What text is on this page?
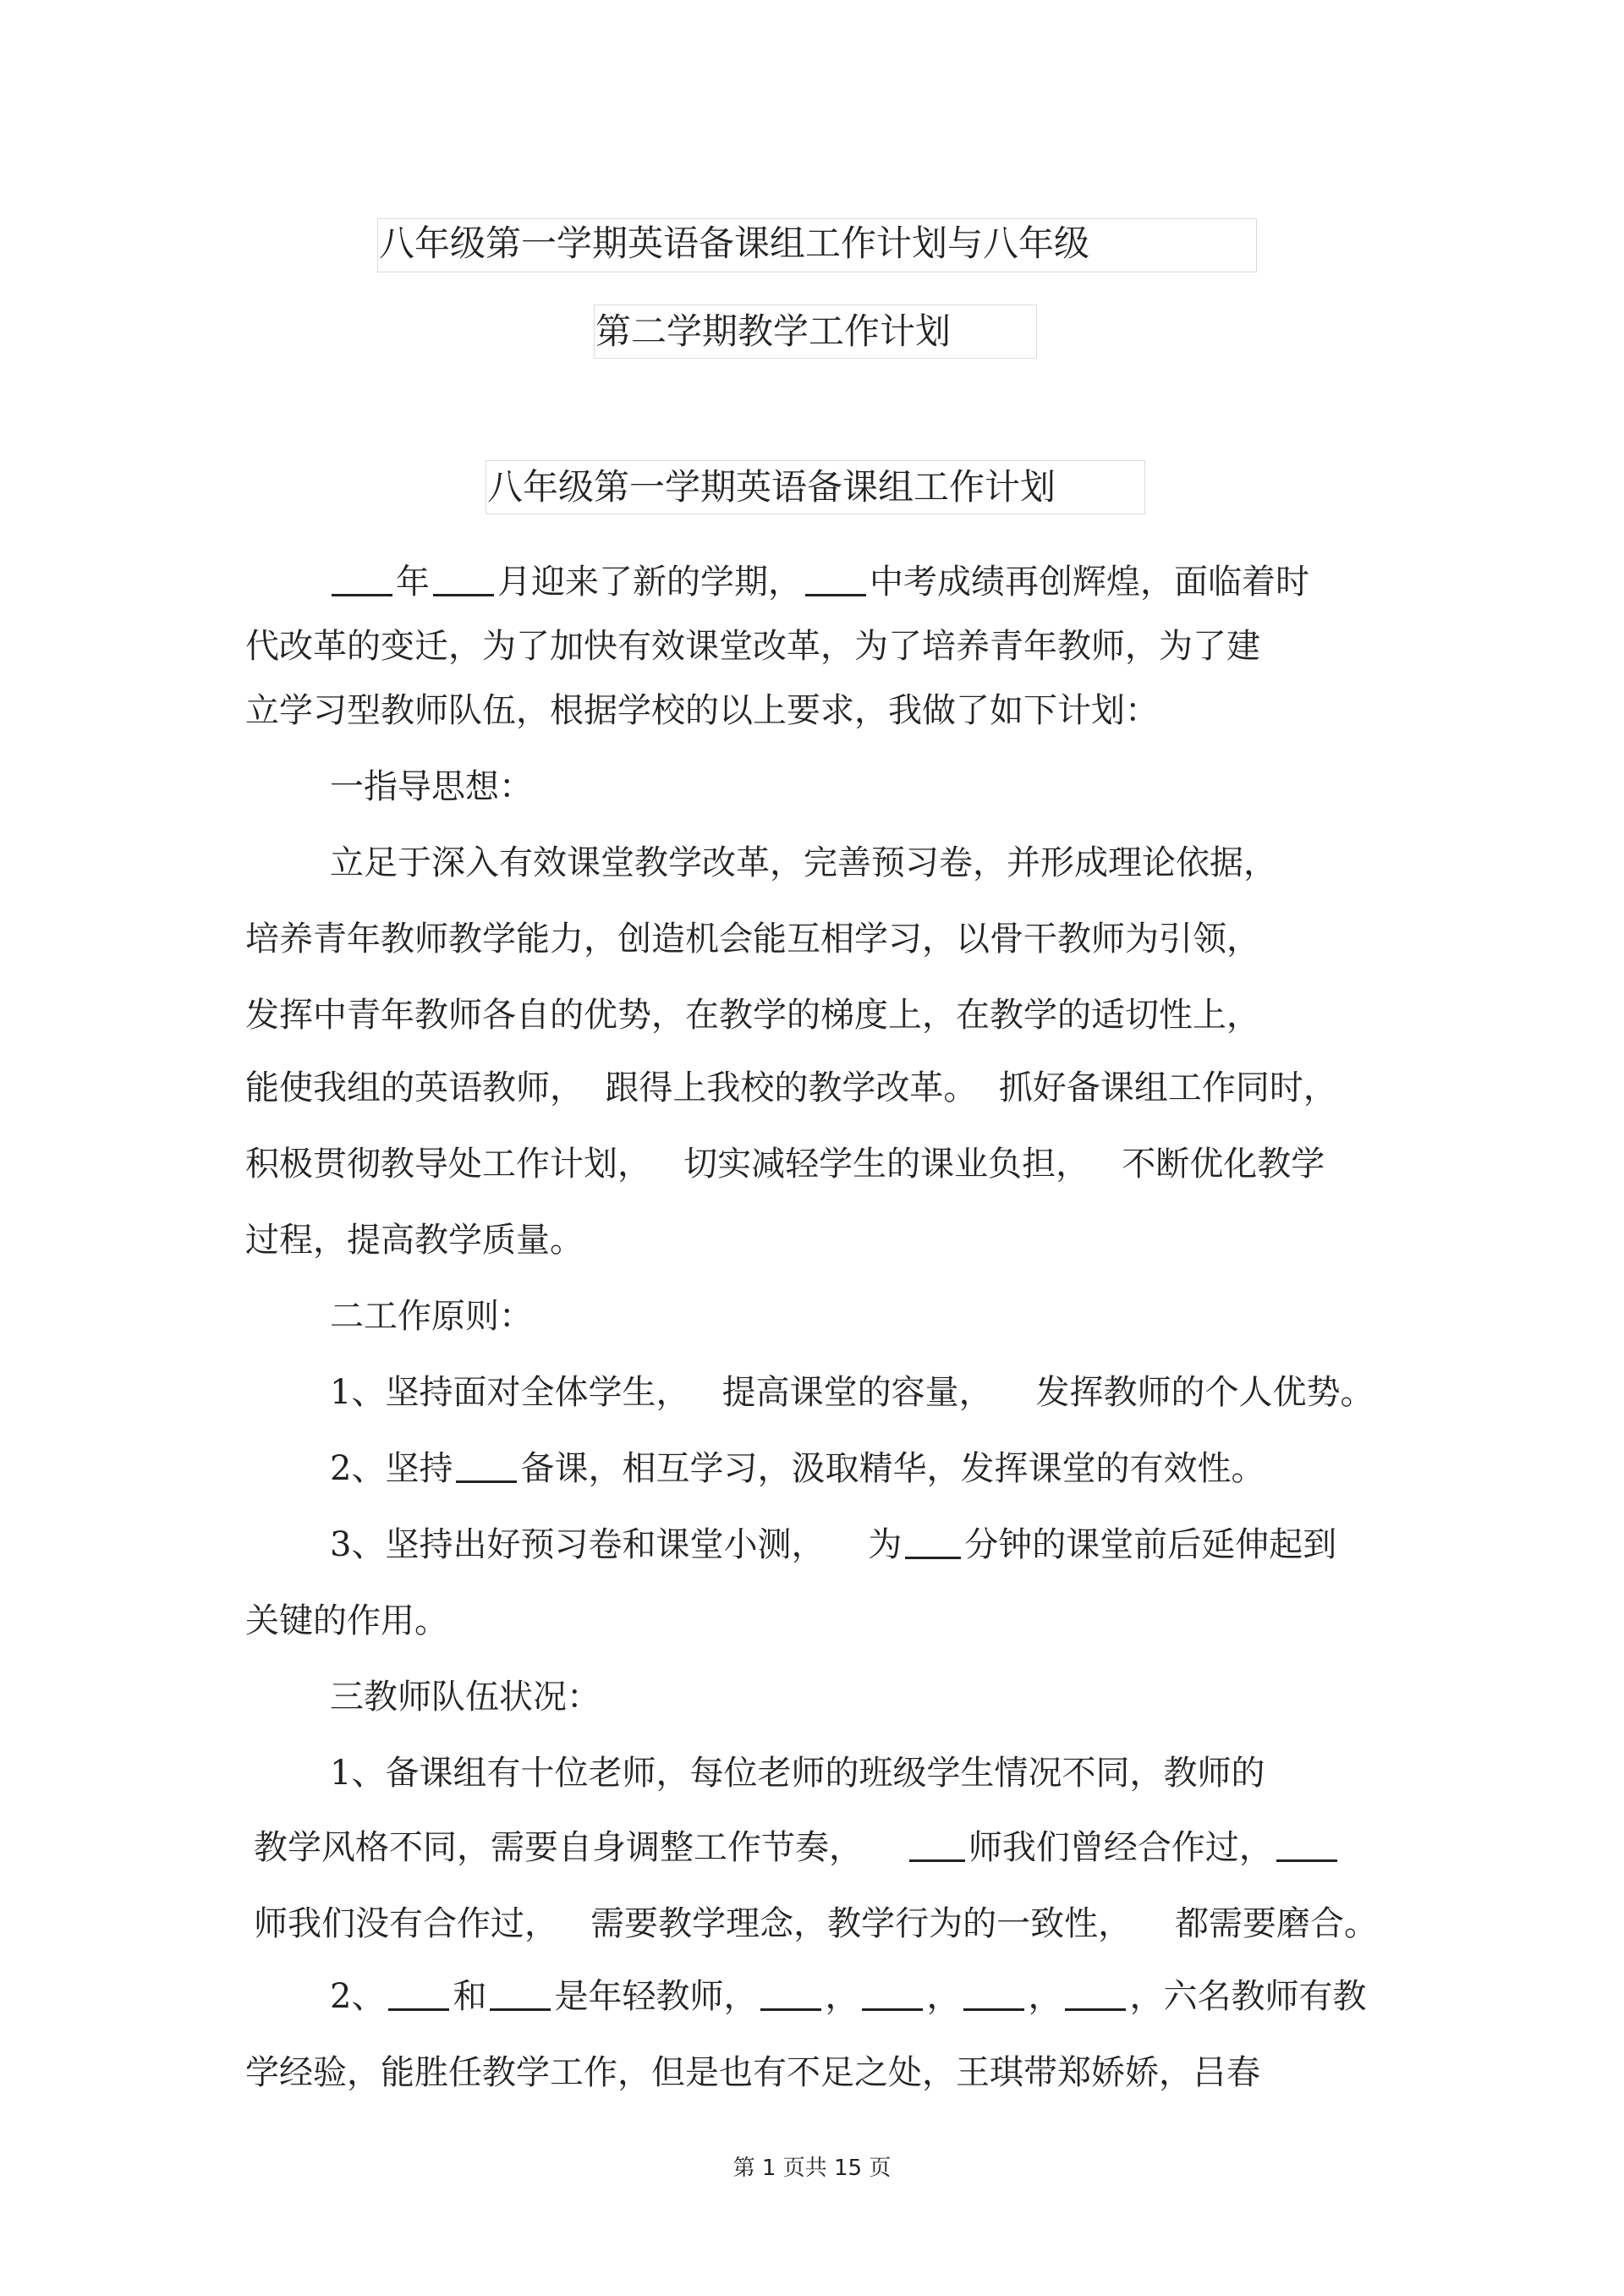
八年级第一学期英语备课组工作计划与八年级
第二学期教学工作计划
八年级第一学期英语备课组工作计划
年 月迎来了新的学期， 中考成绩再创辉煌，面临着时
代改革的变迁，为了加快有效课堂改革，为了培养青年教师，为了建
立学习型教师队伍，根据学校的以上要求，我做了如下计划：
一指导思想：
立足于深入有效课堂教学改革，完善预习卷，并形成理论依据，
培养青年教师教学能力，创造机会能互相学习，以骨干教师为引领，
发挥中青年教师各自的优势，在教学的梯度上，在教学的适切性上，
能使我组的英语教师，  跟得上我校的教学改革。  抓好备课组工作同时，
积极贯彻教导处工作计划，   切实减轻学生的课业负担，   不断优化教学
过程，提高教学质量。
二工作原则：
1、坚持面对全体学生，   提高课堂的容量，    发挥教师的个人优势。
2、坚持 备课，相互学习，汲取精华，发挥课堂的有效性。
3、坚持出好预习卷和课堂小测，    为 分钟的课堂前后延伸起到
关键的作用。
三教师队伍状况：
1、备课组有十位老师，每位老师的班级学生情况不同，教师的
教学风格不同，需要自身调整工作节奏，    师我们曾经合作过，
师我们没有合作过，   需要教学理念，教学行为的一致性，    都需要磨合。
2、 和 是年轻教师， ， ， ， ，六名教师有教
学经验，能胜任教学工作，但是也有不足之处，王琪带郑娇娇，吕春
第 1 页共 15 页
